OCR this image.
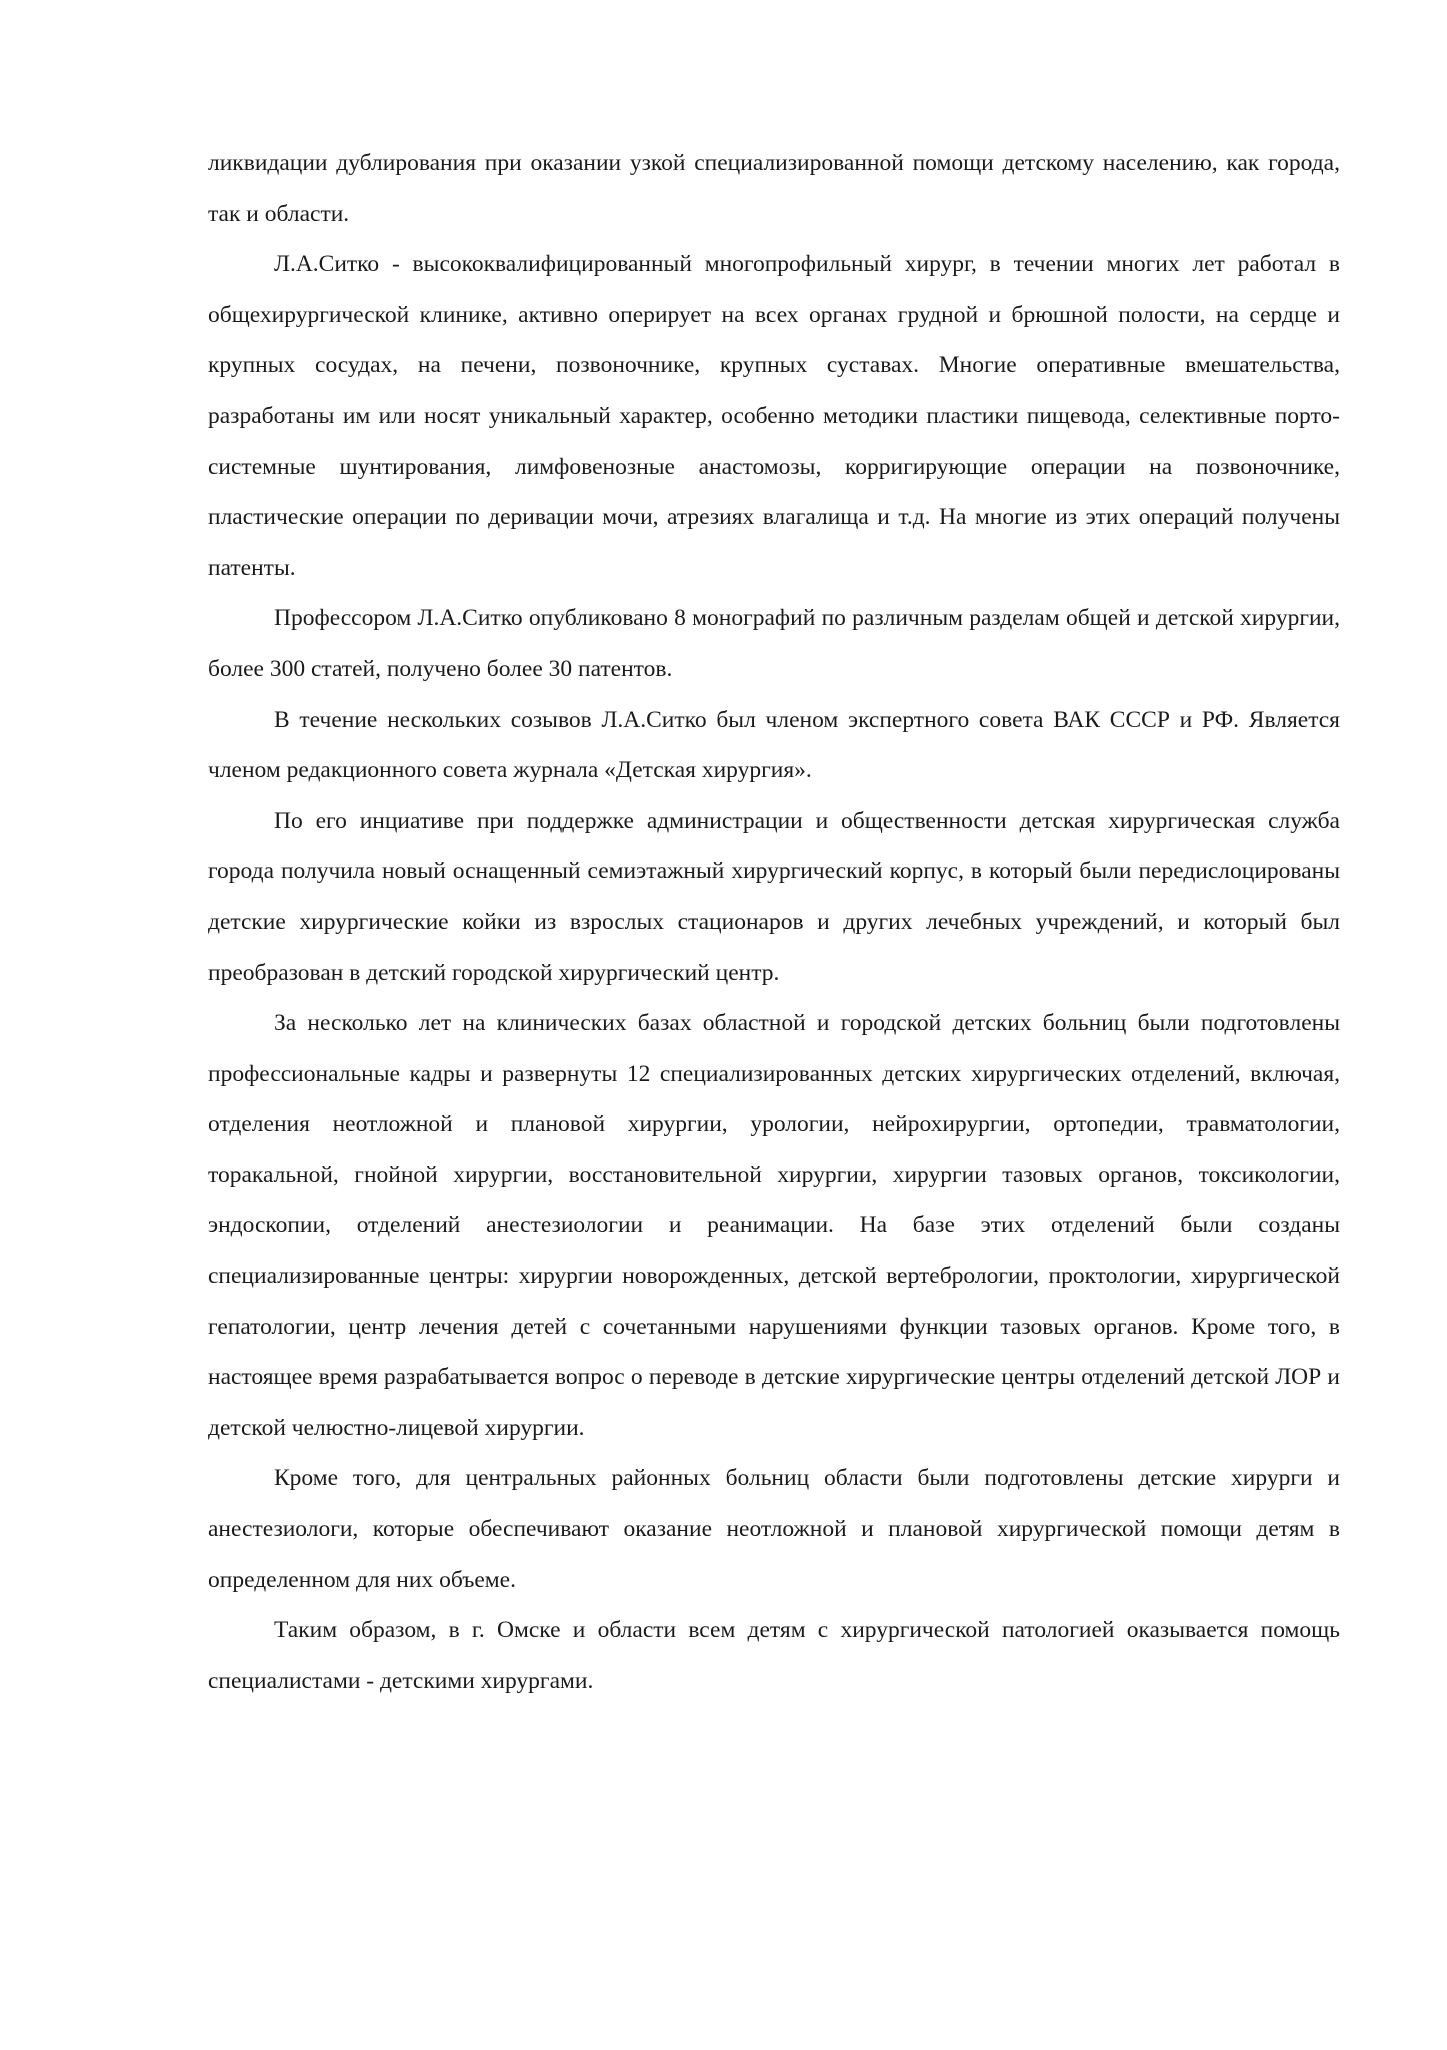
ликвидации дублирования при оказании узкой специализированной помощи детскому населению, как города, так и области.

Л.А.Ситко - высококвалифицированный многопрофильный хирург, в течении многих лет работал в общехирургической клинике, активно оперирует на всех органах грудной и брюшной полости, на сердце и крупных сосудах, на печени, позвоночнике, крупных суставах. Многие оперативные вмешательства, разработаны им или носят уникальный характер, особенно методики пластики пищевода, селективные порто-системные шунтирования, лимфовенозные анастомозы, корригирующие операции на позвоночнике, пластические операции по деривации мочи, атрезиях влагалища и т.д. На многие из этих операций получены патенты.

Профессором Л.А.Ситко опубликовано 8 монографий по различным разделам общей и детской хирургии, более 300 статей, получено более 30 патентов.

В течение нескольких созывов Л.А.Ситко был членом экспертного совета ВАК СССР и РФ. Является членом редакционного совета журнала «Детская хирургия».

По его инциативе при поддержке администрации и общественности детская хирургическая служба города получила новый оснащенный семиэтажный хирургический корпус, в который были передислоцированы детские хирургические койки из взрослых стационаров и других лечебных учреждений, и который был преобразован в детский городской хирургический центр.

За несколько лет на клинических базах областной и городской детских больниц были подготовлены профессиональные кадры и развернуты 12 специализированных детских хирургических отделений, включая, отделения неотложной и плановой хирургии, урологии, нейрохирургии, ортопедии, травматологии, торакальной, гнойной хирургии, восстановительной хирургии, хирургии тазовых органов, токсикологии, эндоскопии, отделений анестезиологии и реанимации. На базе этих отделений были созданы специализированные центры: хирургии новорожденных, детской вертебрологии, проктологии, хирургической гепатологии, центр лечения детей с сочетанными нарушениями функции тазовых органов. Кроме того, в настоящее время разрабатывается вопрос о переводе в детские хирургические центры отделений детской ЛОР и детской челюстно-лицевой хирургии.

Кроме того, для центральных районных больниц области были подготовлены детские хирурги и анестезиологи, которые обеспечивают оказание неотложной и плановой хирургической помощи детям в определенном для них объеме.

Таким образом, в г. Омске и области всем детям с хирургической патологией оказывается помощь специалистами - детскими хирургами.
